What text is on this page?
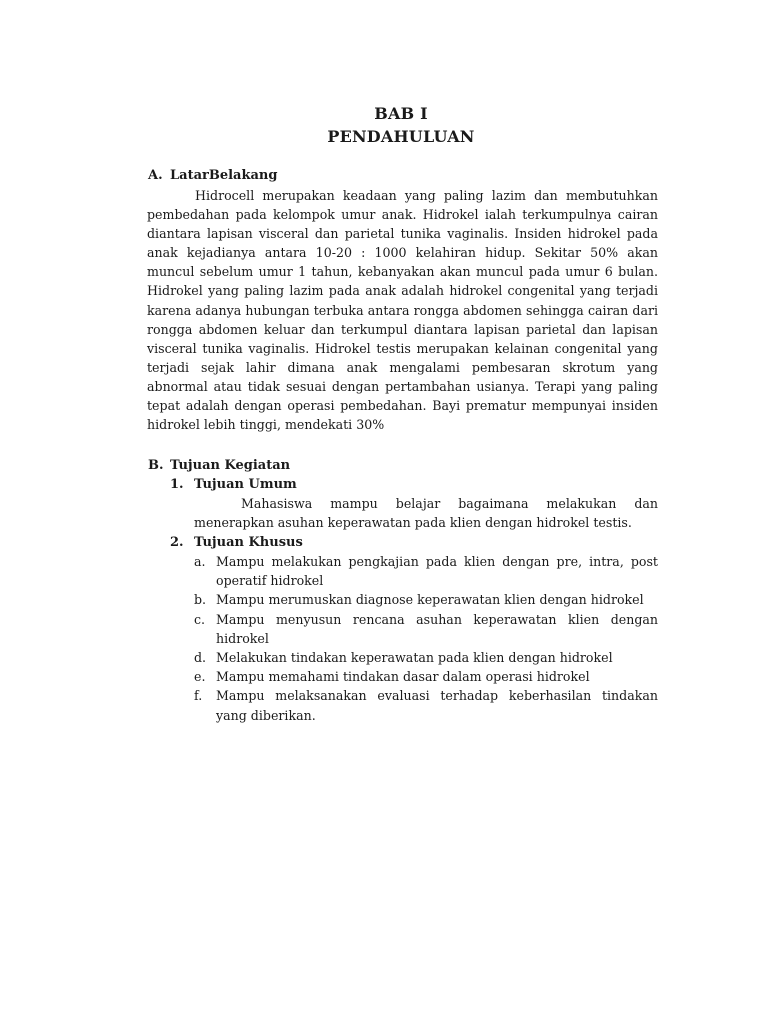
BAB I
PENDAHULUAN
A. LatarBelakang

Hidrocell merupakan keadaan yang paling lazim dan membutuhkan pembedahan pada kelompok umur anak. Hidrokel ialah terkumpulnya cairan diantara lapisan visceral dan parietal tunika vaginalis. Insiden hidrokel pada anak kejadianya antara 10-20 : 1000 kelahiran hidup. Sekitar 50% akan muncul sebelum umur 1 tahun, kebanyakan akan muncul pada umur 6 bulan. Hidrokel yang paling lazim pada anak adalah hidrokel congenital yang terjadi karena adanya hubungan terbuka antara rongga abdomen sehingga cairan dari rongga abdomen keluar dan terkumpul diantara lapisan parietal dan lapisan visceral tunika vaginalis. Hidrokel testis merupakan kelainan congenital yang terjadi sejak lahir dimana anak mengalami pembesaran skrotum yang abnormal atau tidak sesuai dengan pertambahan usianya. Terapi yang paling tepat adalah dengan operasi pembedahan. Bayi prematur mempunyai insiden hidrokel lebih tinggi, mendekati 30%

B. Tujuan Kegiatan
1. Tujuan Umum

Mahasiswa mampu belajar bagaimana melakukan dan menerapkan asuhan keperawatan pada klien dengan hidrokel testis.

2. Tujuan Khusus
a. Mampu melakukan pengkajian pada klien dengan pre, intra, post operatif hidrokel
b. Mampu merumuskan diagnose keperawatan klien dengan hidrokel
c. Mampu menyusun rencana asuhan keperawatan klien dengan hidrokel
d. Melakukan tindakan keperawatan pada klien dengan hidrokel
e. Mampu memahami tindakan dasar dalam operasi hidrokel
f.	Mampu melaksanakan evaluasi terhadap keberhasilan tindakan yang diberikan.
